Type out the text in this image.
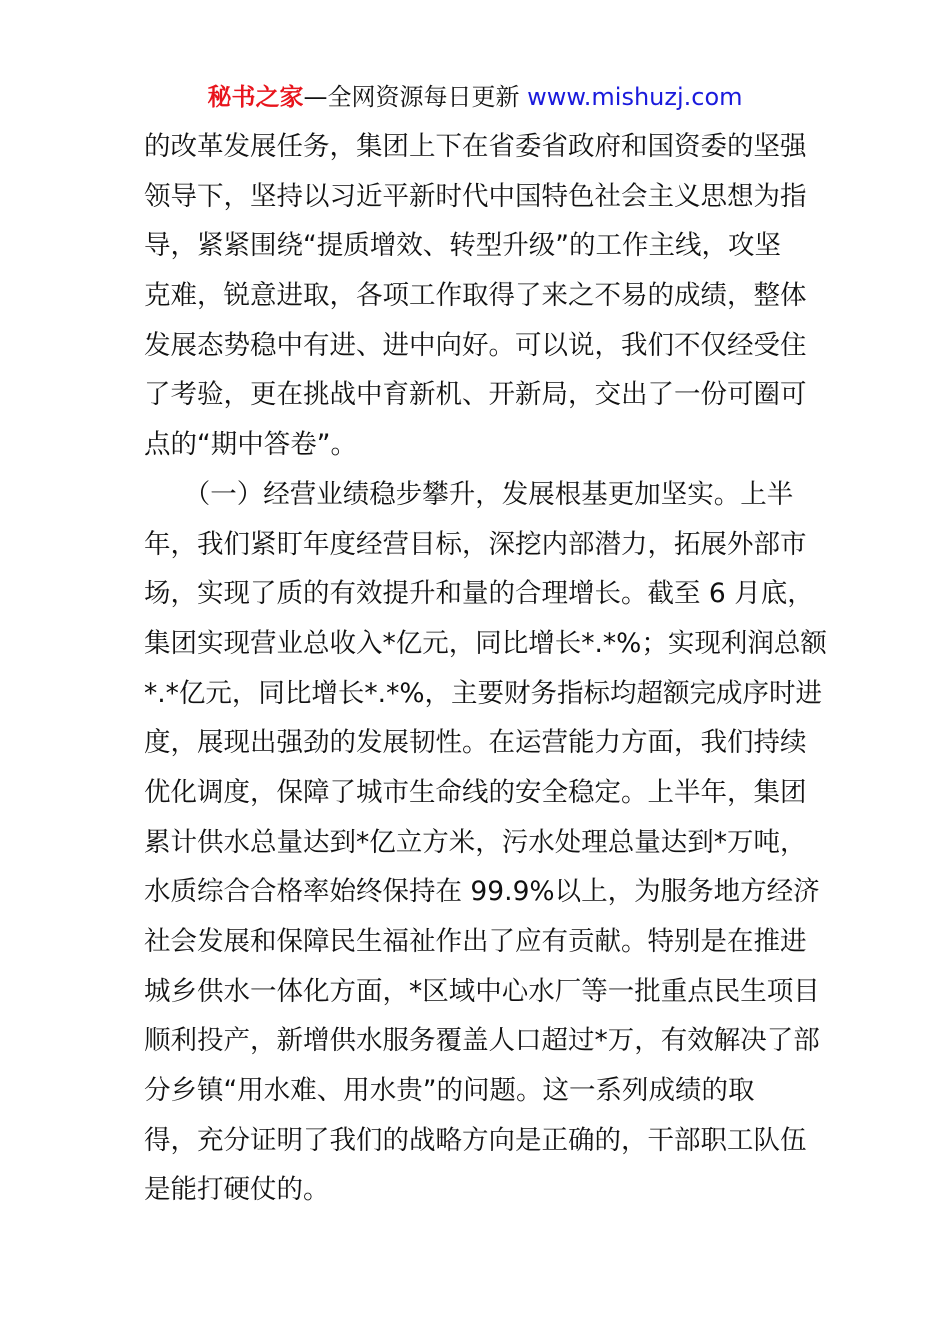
秘书之家—全网资源每日更新 www.mishuzj.com
的改革发展任务，集团上下在省委省政府和国资委的坚强
领导下，坚持以习近平新时代中国特色社会主义思想为指
导，紧紧围绕“提质增效、转型升级”的工作主线，攻坚
克难，锐意进取，各项工作取得了来之不易的成绩，整体
发展态势稳中有进、进中向好。可以说，我们不仅经受住
了考验，更在挑战中育新机、开新局，交出了一份可圈可
点的“期中答卷”。
　　（一）经营业绩稳步攀升，发展根基更加坚实。上半
年，我们紧盯年度经营目标，深挖内部潜力，拓展外部市
场，实现了质的有效提升和量的合理增长。截至 6 月底，
集团实现营业总收入*亿元，同比增长*.*%；实现利润总额
*.*亿元，同比增长*.*%，主要财务指标均超额完成序时进
度，展现出强劲的发展韧性。在运营能力方面，我们持续
优化调度，保障了城市生命线的安全稳定。上半年，集团
累计供水总量达到*亿立方米，污水处理总量达到*万吨，
水质综合合格率始终保持在 99.9%以上，为服务地方经济
社会发展和保障民生福祉作出了应有贡献。特别是在推进
城乡供水一体化方面，*区域中心水厂等一批重点民生项目
顺利投产，新增供水服务覆盖人口超过*万，有效解决了部
分乡镇“用水难、用水贵”的问题。这一系列成绩的取
得，充分证明了我们的战略方向是正确的，干部职工队伍
是能打硬仗的。
